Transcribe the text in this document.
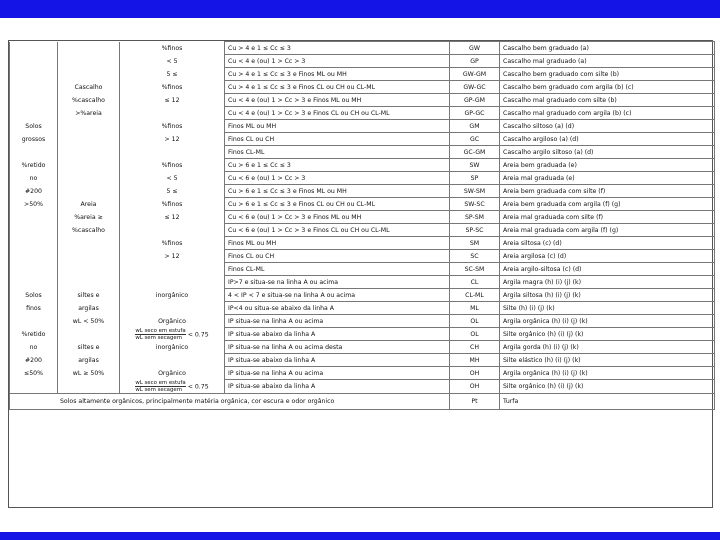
		%finos	Cu > 4 e 1 ≤ Cc ≤ 3	GW	Cascalho bem graduado (a)
		< 5	Cu < 4 e (ou) 1 > Cc > 3	GP	Cascalho mal graduado (a)
		5 ≤	Cu > 4 e 1 ≤ Cc ≤ 3 e Finos ML ou MH	GW-GM	Cascalho bem graduado com silte (b)
	Cascalho	%finos	Cu > 4 e 1 ≤ Cc ≤ 3 e Finos CL ou CH ou CL-ML	GW-GC	Cascalho bem graduado com argila (b) (c)
	%cascalho	≤ 12	Cu < 4 e (ou) 1 > Cc > 3 e Finos ML ou MH	GP-GM	Cascalho mal graduado com silte (b)
	>%areia		Cu < 4 e (ou) 1 > Cc > 3 e Finos CL ou CH ou CL-ML	GP-GC	Cascalho mal graduado com argila (b) (c)
Solos		%finos	Finos ML ou MH	GM	Cascalho siltoso (a) (d)
grossos		> 12	Finos CL ou CH	GC	Cascalho argiloso (a) (d)
			Finos CL-ML	GC-GM	Cascalho argilo siltoso (a) (d)
%retido		%finos	Cu > 6 e 1 ≤ Cc ≤ 3	SW	Areia bem graduada (e)
no		< 5	Cu < 6 e (ou) 1 > Cc > 3	SP	Areia mal graduada (e)
#200		5 ≤	Cu > 6 e 1 ≤ Cc ≤ 3 e Finos ML ou MH	SW-SM	Areia bem graduada com silte (f)
>50%	Areia	%finos	Cu > 6 e 1 ≤ Cc ≤ 3 e Finos CL ou CH ou CL-ML	SW-SC	Areia bem graduada com argila (f) (g)
	%areia ≥	≤ 12	Cu < 6 e (ou) 1 > Cc > 3 e Finos ML ou MH	SP-SM	Areia mal graduada com silte (f)
	%cascalho		Cu < 6 e (ou) 1 > Cc > 3 e Finos CL ou CH ou CL-ML	SP-SC	Areia mal graduada com argila (f) (g)
		%finos	Finos ML ou MH	SM	Areia siltosa (c) (d)
		> 12	Finos CL ou CH	SC	Areia argilosa (c) (d)
			Finos CL-ML	SC-SM	Areia argilo-siltosa (c) (d)
			IP>7 e situa-se na linha A ou acima	CL	Argila magra (h) (i) (j) (k)
Solos	siltes e	inorgânico	4 < IP < 7 e situa-se na linha A ou acima	CL-ML	Argila siltosa (h) (i) (j) (k)
finos	argilas		IP<4 ou situa-se abaixo da linha A	ML	Silte (h) (i) (j) (k)
	wL < 50%	Orgânico	IP situa-se na linha A ou acima	OL	Argila orgânica (h) (i) (j) (k)
%retido		$\frac{\text{wL seco em estufa}}{\text{wL sem secagem}} < 0.75$	IP situa-se abaixo da linha A	OL	Silte orgânico (h) (i) (j) (k)
no	siltes e	inorgânico	IP situa-se na linha A ou acima desta	CH	Argila gorda (h) (i) (j) (k)
#200	argilas		IP situa-se abaixo da linha A	MH	Silte elástico (h) (i) (j) (k)
≤50%	wL ≥ 50%	Orgânico	IP situa-se na linha A ou acima	OH	Argila orgânica (h) (i) (j) (k)

		$\frac{\text{wL seco em estufa}}{\text{wL sem secagem}} < 0.75$	IP situa-se abaixo da linha A	OH	Silte orgânico (h) (i) (j) (k)
Solos altamente orgânicos, principalmente matéria orgânica, cor escura e odor orgânico				Pt	Turfa
